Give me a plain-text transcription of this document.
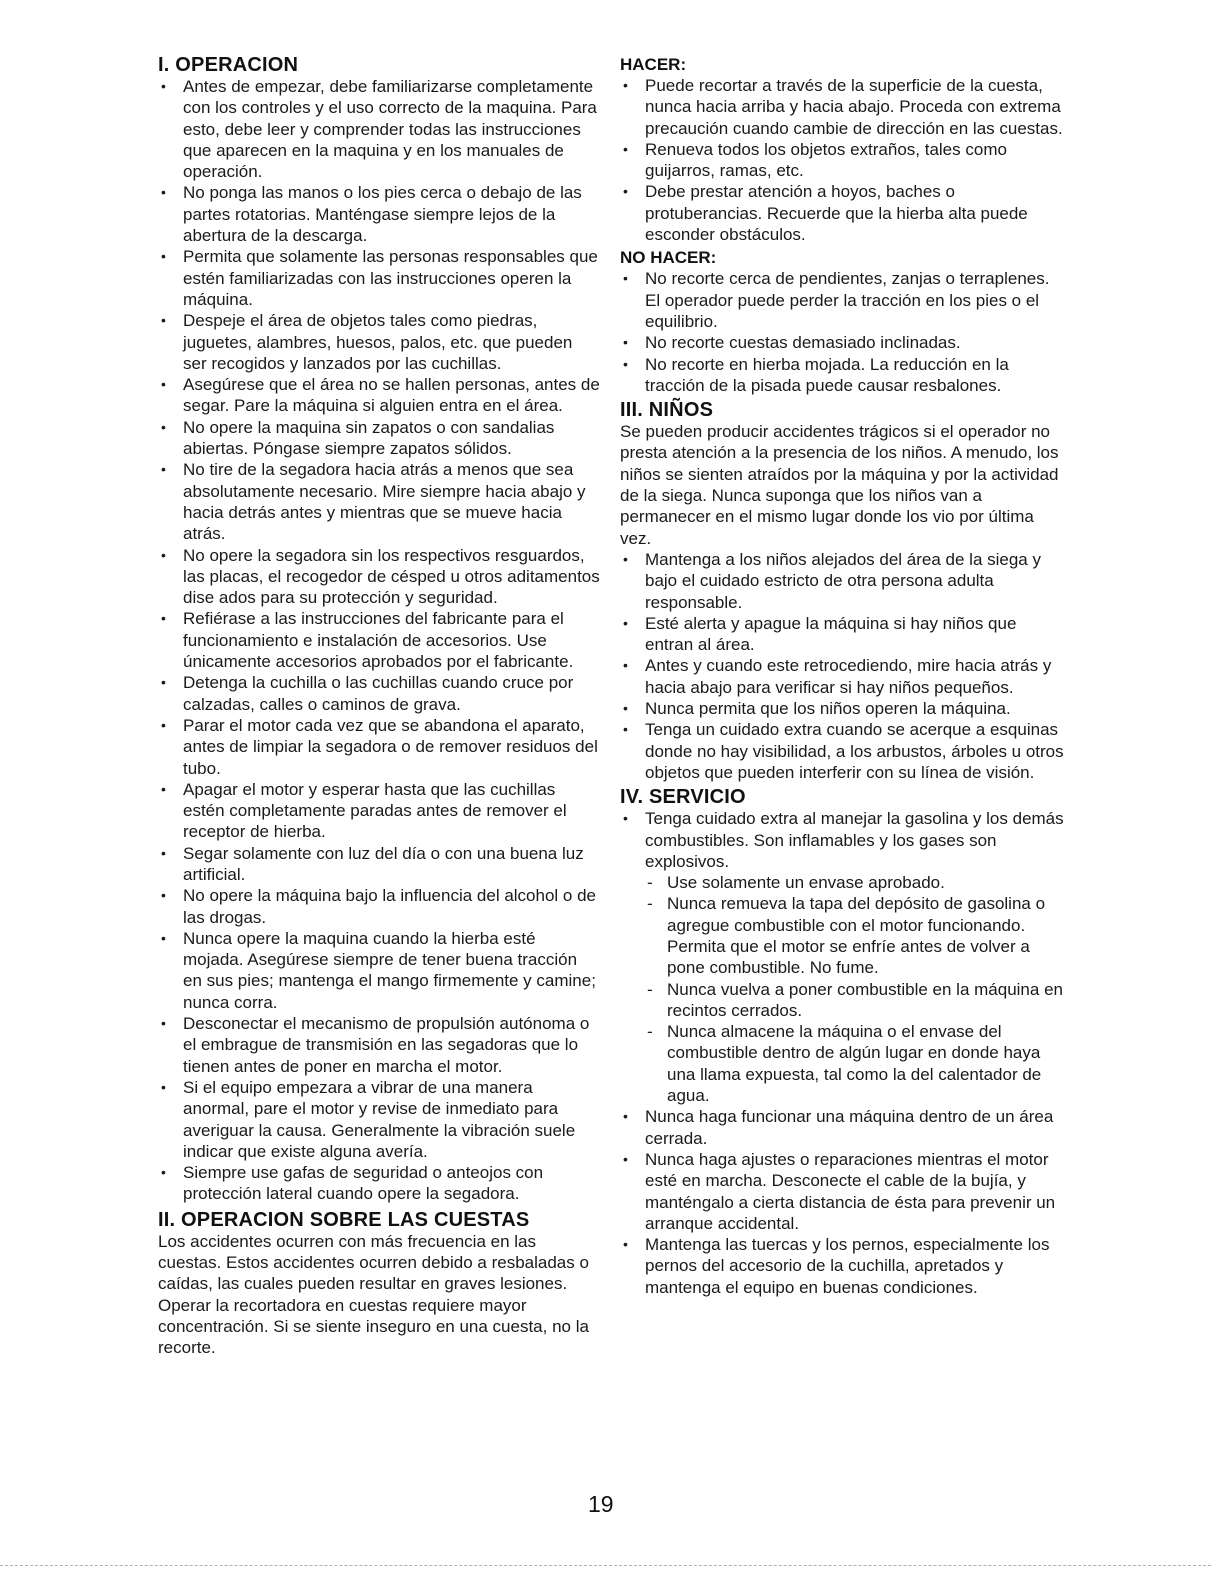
I. OPERACION
• Antes de empezar, debe familiarizarse completamente con los controles y el uso correcto de la maquina. Para esto, debe leer y comprender todas las instrucciones que aparecen en la maquina y en los manuales de operación.
• No ponga las manos o los pies cerca o debajo de las partes rotatorias. Manténgase siempre lejos de la abertura de la descarga.
• Permita que solamente las personas responsables que estén familiarizadas con las instrucciones operen la máquina.
• Despeje el área de objetos tales como piedras, juguetes, alambres, huesos, palos, etc. que pueden ser recogidos y lanzados por las cuchillas.
• Asegúrese que el área no se hallen personas, antes de segar. Pare la máquina si alguien entra en el área.
• No opere la maquina sin zapatos o con sandalias abiertas. Póngase siempre zapatos sólidos.
• No tire de la segadora hacia atrás a menos que sea absolutamente necesario. Mire siempre hacia abajo y hacia detrás antes y mientras que se mueve hacia atrás.
• No opere la segadora sin los respectivos resguardos, las placas, el recogedor de césped u otros aditamentos dise ados para su protección y seguridad.
• Refiérase a las instrucciones del fabricante para el funcionamiento e instalación de accesorios. Use únicamente accesorios aprobados por el fabricante.
• Detenga la cuchilla o las cuchillas cuando cruce por calzadas, calles o caminos de grava.
• Parar el motor cada vez que se abandona el aparato, antes de limpiar la segadora o de remover residuos del tubo.
• Apagar el motor y esperar hasta que las cuchillas estén completamente paradas antes de remover el receptor de hierba.
• Segar solamente con luz del día o con una buena luz artificial.
• No opere la máquina bajo la influencia del alcohol o de las drogas.
• Nunca opere la maquina cuando la hierba esté mojada. Asegúrese siempre de tener buena tracción en sus pies; mantenga el mango firmemente y camine; nunca corra.
• Desconectar el mecanismo de propulsión autónoma o el embrague de transmisión en las segadoras que lo tienen antes de poner en marcha el motor.
• Si el equipo empezara a vibrar de una manera anormal, pare el motor y revise de inmediato para averiguar la causa. Generalmente la vibración suele indicar que existe alguna avería.
• Siempre use gafas de seguridad o anteojos con protección lateral cuando opere la segadora.
II. OPERACION SOBRE LAS CUESTAS

Los accidentes ocurren con más frecuencia en las cuestas. Estos accidentes ocurren debido a resbaladas o caídas, las cuales pueden resultar en graves lesiones. Operar la recortadora en cuestas requiere mayor concentración. Si se siente inseguro en una cuesta, no la recorte.

HACER:
• Puede recortar a través de la superficie de la cuesta, nunca hacia arriba y hacia abajo. Proceda con extrema precaución cuando cambie de dirección en las cuestas.
• Renueva todos los objetos extraños, tales como guijarros, ramas, etc.
• Debe prestar atención a hoyos, baches o protuberancias. Recuerde que la hierba alta puede esconder obstáculos.
NO HACER:
• No recorte cerca de pendientes, zanjas o terraplenes. El operador puede perder la tracción en los pies o el equilibrio.
• No recorte cuestas demasiado inclinadas.
• No recorte en hierba mojada. La reducción en la tracción de la pisada puede causar resbalones.
III. NIÑOS

Se pueden producir accidentes trágicos si el operador no presta atención a la presencia de los niños. A menudo, los niños se sienten atraídos por la máquina y por la actividad de la siega. Nunca suponga que los niños van a permanecer en el mismo lugar donde los vio por última vez.

• Mantenga a los niños alejados del área de la siega y bajo el cuidado estricto de otra persona adulta responsable.
• Esté alerta y apague la máquina si hay niños que entran al área.
• Antes y cuando este retrocediendo, mire hacia atrás y hacia abajo para verificar si hay niños pequeños.
• Nunca permita que los niños operen la máquina.
• Tenga un cuidado extra cuando se acerque a esquinas donde no hay visibilidad, a los arbustos, árboles u otros objetos que pueden interferir con su línea de visión.
IV. SERVICIO
• Tenga cuidado extra al manejar la gasolina y los demás combustibles. Son inflamables y los gases son explosivos.
- Use solamente un envase aprobado.
- Nunca remueva la tapa del depósito de gasolina o agregue combustible con el motor funcionando. Permita que el motor se enfríe antes de volver a pone combustible. No fume.
- Nunca vuelva a poner combustible en la máquina en recintos cerrados.
- Nunca almacene la máquina o el envase del combustible dentro de algún lugar en donde haya una llama expuesta, tal como la del calentador de agua.
• Nunca haga funcionar una máquina dentro de un área cerrada.
• Nunca haga ajustes o reparaciones mientras el motor esté en marcha. Desconecte el cable de la bujía, y manténgalo a cierta distancia de ésta para prevenir un arranque accidental.
• Mantenga las tuercas y los pernos, especialmente los pernos del accesorio de la cuchilla, apretados y mantenga el equipo en buenas condiciones.
19
